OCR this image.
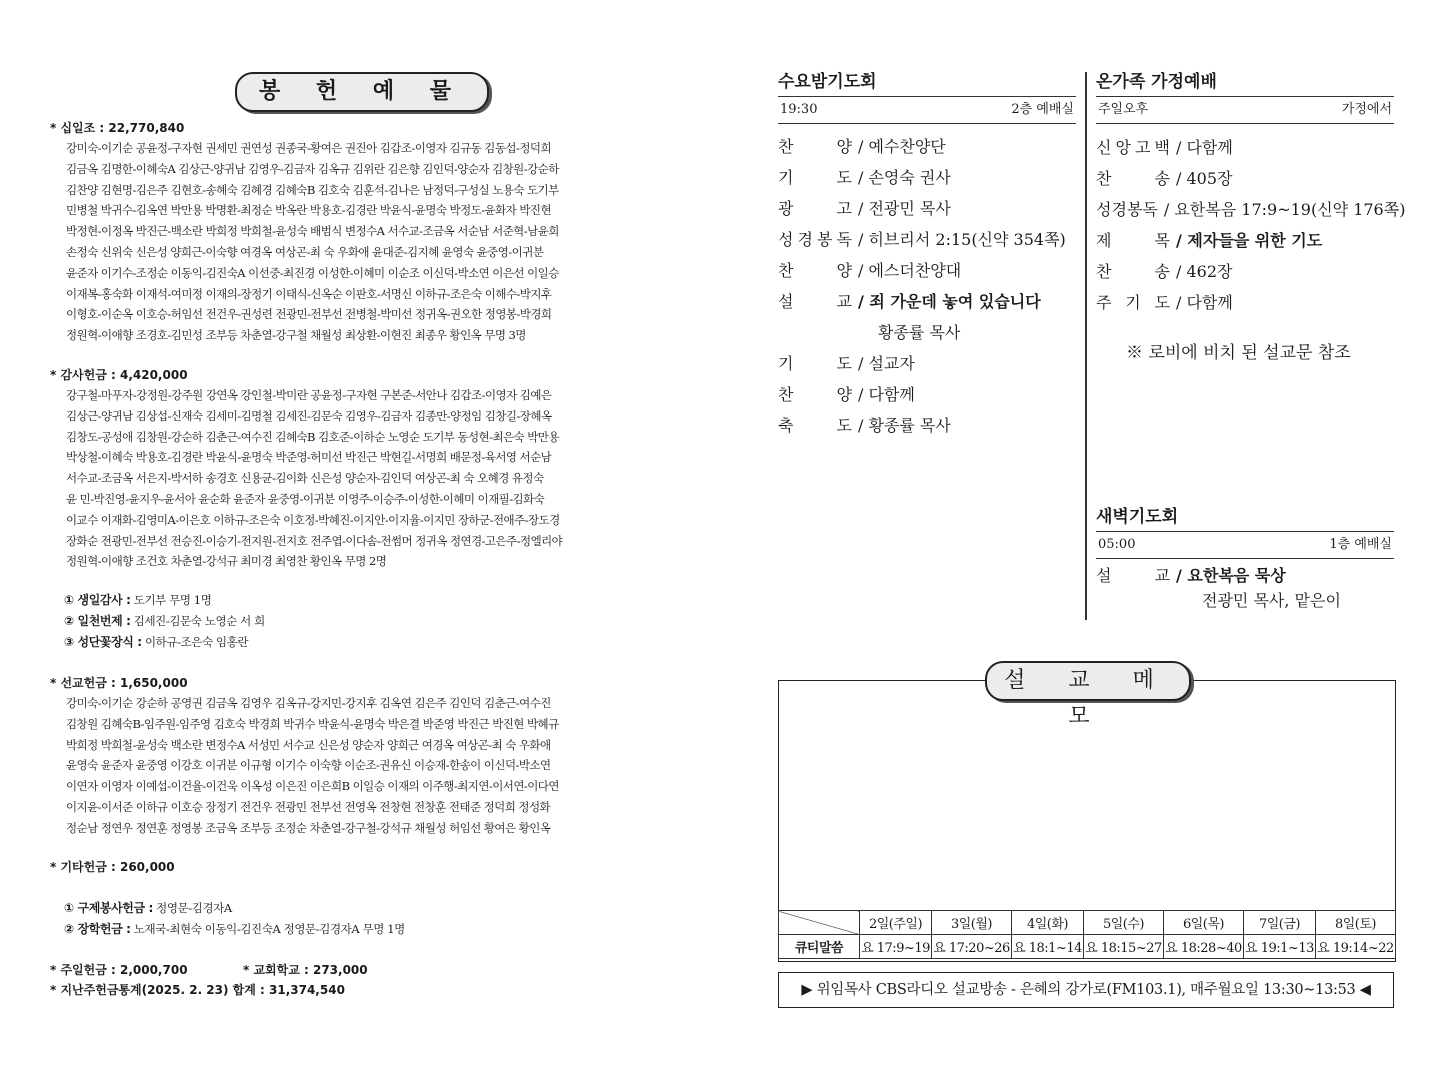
봉 헌 예 물

* 십일조 : 22,770,840

강미숙-이기순 공윤정-구자현 권세민 권연성 권종국-황여은 권진아 김갑조-이영자 김규동 김동섭-정덕희
김금옥 김명한-이혜숙A 김상근-양귀남 김영우-김금자 김옥규 김위란 김은향 김인덕-양순자 김창원-강순하
김찬양 김현명-김은주 김현호-송혜숙 김혜경 김혜숙B 김호숙 김훈석-김나은 남정덕-구성실 노용숙 도기부
민병철 박귀수-김옥연 박만용 박명환-최정순 박옥란 박용호-김경란 박윤식-윤명숙 박정도-윤화자 박진현
박정현-이정옥 박진근-백소란 박희정 박희철-윤성숙 배범식 변정수A 서수교-조금옥 서순남 서준혁-남윤희
손정숙 신위숙 신은성 양희근-이숙향 여경옥 여상곤-최 숙 우화애 윤대준-김지혜 윤영숙 윤중영-이귀분
윤준자 이기수-조정순 이동익-김진숙A 이선중-최진경 이성한-이혜미 이순조 이신덕-박소연 이은선 이일승
이재복-홍숙화 이재석-여미정 이재의-장정기 이태식-신옥순 이판호-서명신 이하규-조은숙 이해수-박지후
이형호-이순옥 이호승-허임선 전건우-권성련 전광민-전부선 전병철-박미선 정귀옥-권오한 정영봉-박경희
정원혁-이애향 조경호-김민성 조부등 차춘열-강구철 채월성 최상환-이현진 최종우 황인옥 무명 3명

* 감사헌금 : 4,420,000

강구철-마푸자-강정원-강주원 강연옥 강인철-박미란 공윤정-구자현 구본준-서안나 김갑조-이영자 김예은
김상근-양귀남 김상섭-신재숙 김세미-김명철 김세진-김문숙 김영우-김금자 김종만-양정임 김창길-장혜옥
김창도-공성애 김창원-강순하 김춘근-여수진 김혜숙B 김호준-이하순 노영순 도기부 동성현-최은숙 박만용
박상철-이혜숙 박용호-김경란 박윤식-윤명숙 박준영-허미선 박진근 박현길-서명희 배문정-육서영 서순남
서수교-조금옥 서은지-박서하 송경호 신용균-김이화 신은성 양순자-김인덕 여상곤-최 숙 오혜경 유정숙
윤 민-박진영-윤지우-윤서아 윤순화 윤준자 윤중영-이귀분 이영주-이승주-이성한-이혜미 이재필-김화숙
이교수 이재화-김영미A-이은호 이하규-조은숙 이호정-박혜진-이지안-이지율-이지민 장하군-전애주-장도경
장화순 전광민-전부선 전승진-이승기-전지원-전지호 전주엽-이다솜-전썸머 정귀옥 정연경-고은주-정엘리야
정원혁-이애향 조건호 차춘열-강석규 최미경 최영찬 황인옥 무명 2명
① 생일감사 : 도기부 무명 1명
② 일천번제 : 김세진-김문숙 노영순 서 희
③ 성단꽃장식 : 이하규-조은숙 임홍란

* 선교헌금 : 1,650,000

강미숙-이기순 강순하 공영권 김금옥 김영우 김옥규-강지민-강지후 김옥연 김은주 김인덕 김춘근-여수진
김창원 김혜숙B-임주원-임주영 김호숙 박경희 박귀수 박윤식-윤명숙 박은결 박준영 박진근 박진현 박혜규
박희정 박희철-윤성숙 백소란 변정수A 서성민 서수교 신은성 양순자 양희근 여경옥 여상곤-최 숙 우화애
윤영숙 윤준자 윤중영 이강호 이귀분 이규형 이기수 이숙향 이순조-권유신 이승재-한송이 이신덕-박소연
이연자 이영자 이예섭-이건율-이건욱 이옥성 이은진 이은희B 이일승 이재의 이주행-최지연-이서연-이다연
이지윤-이서준 이하규 이호승 장정기 전건우 전광민 전부선 전영옥 전창현 전창훈 전태준 정덕희 정성화
정순남 정연우 정연훈 정영봉 조금옥 조부등 조정순 차춘열-강구철-강석규 채월성 허임선 황여은 황인옥

* 기타헌금 : 260,000

① 구제봉사헌금 : 정영문-김경자A
② 장학헌금 : 노재국-최현숙 이동익-김진숙A 정영문-김경자A 무명 1명

* 주일헌금 : 2,000,700	* 교회학교 : 273,000

* 지난주헌금통계(2025. 2. 23) 합계 : 31,374,540

수요밤기도회

19:30	2층 예배실
찬	양 / 예수찬양단
기	도 / 손영숙 권사
광	고 / 전광민 목사
성 경 봉 독 / 히브리서 2:15(신약 354쪽)
찬	양 / 에스더찬양대
설	교 / 죄 가운데 놓여 있습니다
황종률 목사
기	도 / 설교자
찬	양 / 다함께
축	도 / 황종률 목사

온가족 가정예배

주일오후	가정에서
신 앙 고 백 / 다함께
찬	송 / 405장
성 경 봉 독 / 요한복음 17:9~19(신약 176쪽)
제	목 / 제자들을 위한 기도
찬	송 / 462장
주 기 도 / 다함께
※ 로비에 비치 된 설교문 참조

새벽기도회

05:00	1층 예배실
설	교 / 요한복음 묵상
전광민 목사, 맡은이
설 교 메 모
	2일(주일)	3일(월)	4일(화)	5일(수)	6일(목)	7일(금)	8일(토)
큐티말씀	요 17:9~19	요 17:20~26	요 18:1~14	요 18:15~27	요 18:28~40	요 19:1~13	요 19:14~22
▶ 위임목사 CBS라디오 설교방송 - 은혜의 강가로(FM103.1), 매주월요일 13:30~13:53 ◀
